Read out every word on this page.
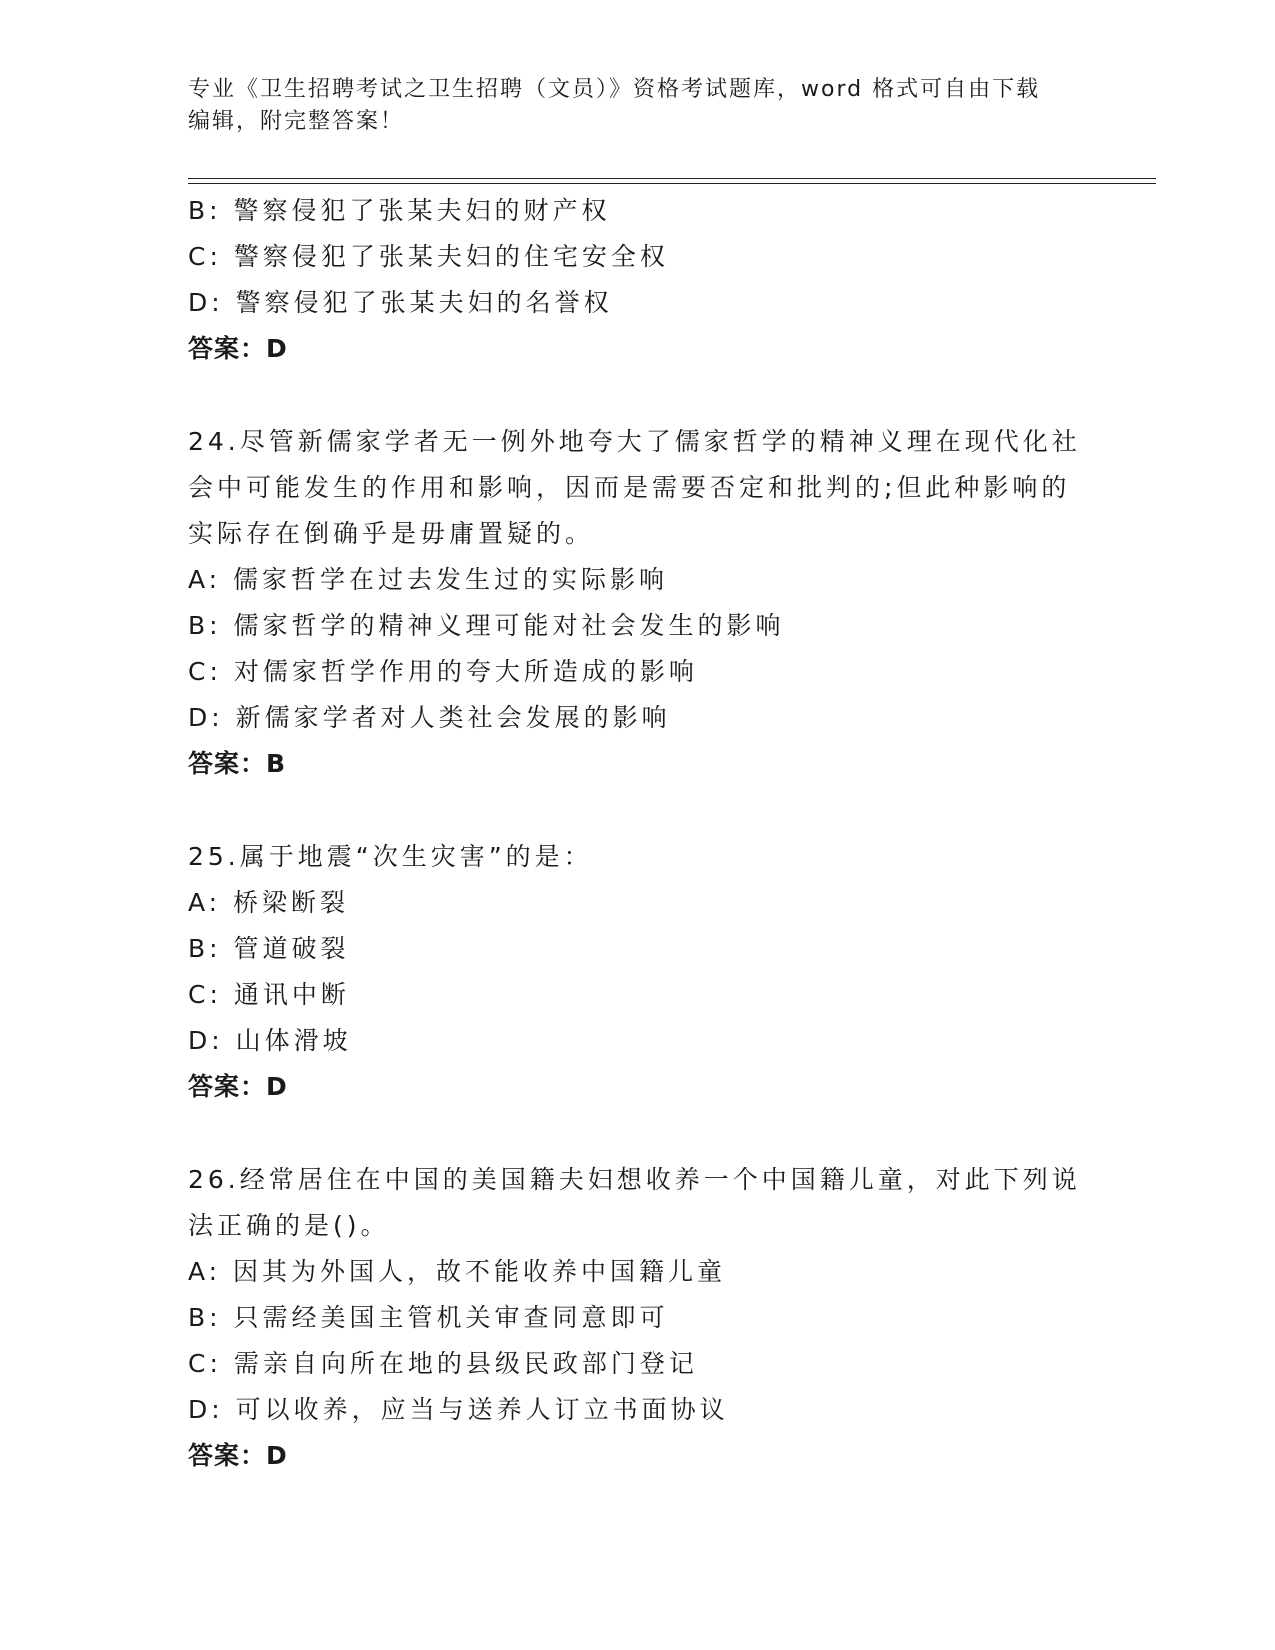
专业《卫生招聘考试之卫生招聘（文员）》资格考试题库，word 格式可自由下载
编辑，附完整答案！
B: 警察侵犯了张某夫妇的财产权
C: 警察侵犯了张某夫妇的住宅安全权
D: 警察侵犯了张某夫妇的名誉权
答案：D
24.尽管新儒家学者无一例外地夸大了儒家哲学的精神义理在现代化社
会中可能发生的作用和影响，因而是需要否定和批判的;但此种影响的
实际存在倒确乎是毋庸置疑的。
A: 儒家哲学在过去发生过的实际影响
B: 儒家哲学的精神义理可能对社会发生的影响
C: 对儒家哲学作用的夸大所造成的影响
D: 新儒家学者对人类社会发展的影响
答案：B
25.属于地震“次生灾害”的是：
A: 桥梁断裂
B: 管道破裂
C: 通讯中断
D: 山体滑坡
答案：D
26.经常居住在中国的美国籍夫妇想收养一个中国籍儿童，对此下列说
法正确的是()。
A: 因其为外国人，故不能收养中国籍儿童
B: 只需经美国主管机关审查同意即可
C: 需亲自向所在地的县级民政部门登记
D: 可以收养，应当与送养人订立书面协议
答案：D
